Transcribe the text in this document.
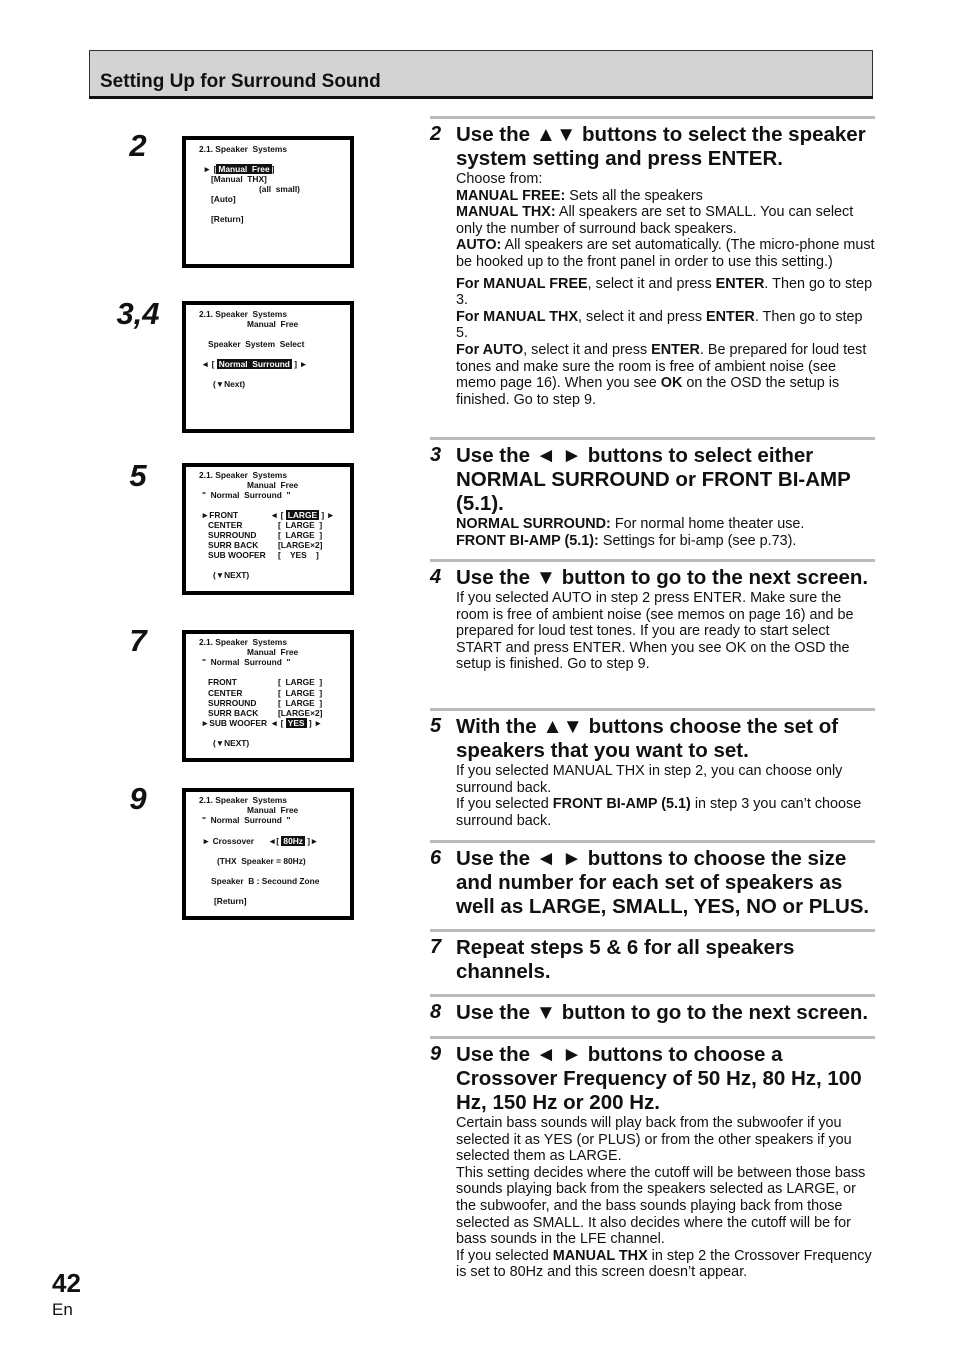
Setting Up for Surround Sound
2	2.1. Speaker  Systems
► [ Manual  Free ]
[Manual  THX]
(all  small)
[Auto]
[Return]
3,4	2.1. Speaker  Systems
Manual  Free
Speaker  System  Select
◄ [ Normal  Surround ] ►
(▼Next)
5	2.1. Speaker  Systems
Manual  Free
"  Normal  Surround  "
►FRONT	◄ [ LARGE ] ►
CENTER	[  LARGE  ]
SURROUND	[  LARGE  ]
SURR BACK [LARGE×2]
SUB WOOFER [    YES    ]
(▼NEXT)
7	2.1. Speaker  Systems
Manual  Free
"  Normal  Surround  "
FRONT	[  LARGE  ]
CENTER	[  LARGE  ]
SURROUND	[  LARGE  ]
SURR BACK [LARGE×2]
►SUB WOOFER ◄ [ YES ] ►
(▼NEXT)
9	2.1. Speaker  Systems
Manual  Free
"  Normal  Surround  "
► Crossover ◄[ 80Hz ]►
(THX  Speaker = 80Hz)
Speaker  B : Secound Zone
[Return]
2 Use the ▲▼ buttons to select the speaker system setting and press ENTER.

Choose from:

MANUAL FREE: Sets all the speakers
MANUAL THX: All speakers are set to SMALL. You can select only the number of surround back speakers.
AUTO: All speakers are set automatically. (The micro-phone must be hooked up to the front panel in order to use this setting.)

For MANUAL FREE, select it and press ENTER. Then go to step 3.
For MANUAL THX, select it and press ENTER. Then go to step 5.
For AUTO, select it and press ENTER. Be prepared for loud test tones and make sure the room is free of ambient noise (see memo page 16). When you see OK on the OSD the setup is finished. Go to step 9.

3 Use the ◄ ► buttons to select either NORMAL SURROUND or FRONT BI-AMP (5.1).

NORMAL SURROUND: For normal home theater use.
FRONT BI-AMP (5.1): Settings for bi-amp (see p.73).

4 Use the ▼ button to go to the next screen.

If you selected AUTO in step 2 press ENTER. Make sure the room is free of ambient noise (see memos on page 16) and be prepared for loud test tones. If you are ready to start select START and press ENTER. When you see OK on the OSD the setup is finished. Go to step 9.

5 With the ▲▼ buttons choose the set of speakers that you want to set.

If you selected MANUAL THX in step 2, you can choose only surround back.

If you selected FRONT BI-AMP (5.1) in step 3 you can’t choose surround back.

6 Use the ◄ ► buttons to choose the size and number for each set of speakers as well as LARGE, SMALL, YES, NO or PLUS.
7 Repeat steps 5 & 6 for all speakers channels.
8 Use the ▼ button to go to the next screen.
9 Use the ◄ ► buttons to choose a Crossover Frequency of 50 Hz, 80 Hz, 100 Hz, 150 Hz or 200 Hz.

Certain bass sounds will play back from the subwoofer if you selected it as YES (or PLUS) or from the other speakers if you selected them as LARGE.

This setting decides where the cutoff will be between those bass sounds playing back from the speakers selected as LARGE, or the subwoofer, and the bass sounds playing back from those selected as SMALL. It also decides where the cutoff will be for bass sounds in the LFE channel.

If you selected MANUAL THX in step 2 the Crossover Frequency is set to 80Hz and this screen doesn’t appear.

42
En
